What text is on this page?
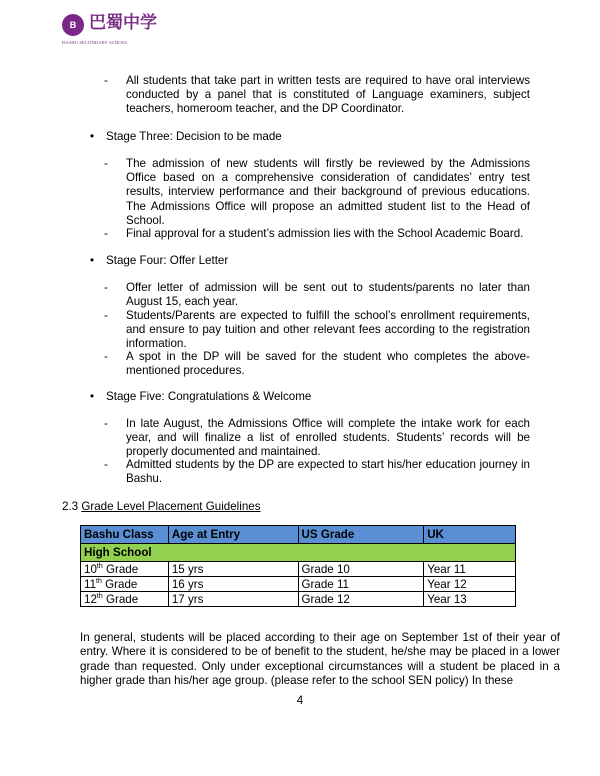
B 巴蜀中学
BASHU SECONDARY SCHOOL
- All students that take part in written tests are required to have oral interviews conducted by a panel that is constituted of Language examiners, subject teachers, homeroom teacher, and the DP Coordinator.
• Stage Three: Decision to be made
- The admission of new students will firstly be reviewed by the Admissions Office based on a comprehensive consideration of candidates’ entry test results, interview performance and their background of previous educations. The Admissions Office will propose an admitted student list to the Head of School.
- Final approval for a student’s admission lies with the School Academic Board.
• Stage Four: Offer Letter
- Offer letter of admission will be sent out to students/parents no later than August 15, each year.
- Students/Parents are expected to fulfill the school’s enrollment requirements, and ensure to pay tuition and other relevant fees according to the registration information.
- A spot in the DP will be saved for the student who completes the above-mentioned procedures.
• Stage Five: Congratulations & Welcome
- In late August, the Admissions Office will complete the intake work for each year, and will finalize a list of enrolled students. Students’ records will be properly documented and maintained.
- Admitted students by the DP are expected to start his/her education journey in Bashu.
2.3 Grade Level Placement Guidelines
Bashu Class	Age at Entry	US Grade	UK
High School			
10th Grade	15 yrs	Grade 10	Year 11
11th Grade	16 yrs	Grade 11	Year 12
12th Grade	17 yrs	Grade 12	Year 13
In general, students will be placed according to their age on September 1st of their year of entry. Where it is considered to be of benefit to the student, he/she may be placed in a lower grade than requested. Only under exceptional circumstances will a student be placed in a higher grade than his/her age group. (please refer to the school SEN policy) In these
4
